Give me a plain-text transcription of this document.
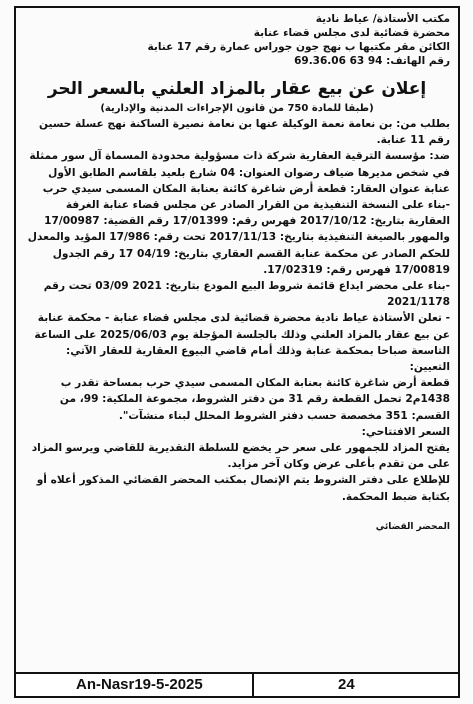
مكتب الأستاذة/ عياط نادية
محضرة قضائية لدى مجلس قضاء عنابة
الكائن مقر مكتبها ب نهج جون جوراس عمارة رقم 17 عنابة
رقم الهاتف: 94 63 69.36.06
إعلان عن بيع عقار بالمزاد العلني بالسعر الحر
(طبقا للمادة 750 من قانون الإجراءات المدنية والإدارية)
بطلب من: بن نعامة نعمة الوكيلة عنها بن نعامة نصيرة الساكنة نهج عسلة حسين رقم 11 عنابة.
ضد: مؤسسة الترقية العقارية شركة ذات مسؤولية محدودة المسماة آل سور ممثلة في شخص مديرها ضياف رضوان العنوان: 04 شارع بلعيد بلقاسم الطابق الأول عنابة عنوان العقار: قطعة أرض شاغرة كائنة بعنابة المكان المسمى سيدي حرب
-بناء على النسخة التنفيذية من القرار الصادر عن مجلس قضاء عنابة الغرفة العقارية بتاريخ: 2017/10/12 فهرس رقم: 17/01399 رقم القضية: 17/00987 والمهور بالصيغة التنفيذية بتاريخ: 2017/11/13 تحت رقم: 17/986 المؤيد والمعدل للحكم الصادر عن محكمة عنابة القسم العقاري بتاريخ: 04/19 17 رقم الجدول 17/00819 فهرس رقم: 17/02319.
-بناء على محضر ايداع قائمة شروط البيع المودع بتاريخ: 2021 03/09 تحت رقم 2021/1178
- تعلن الأستاذة عياط نادية محضرة قضائية لدى مجلس قضاء عنابة - محكمة عنابة عن بيع عقار بالمزاد العلني وذلك بالجلسة المؤجلة يوم 2025/06/03 على الساعة التاسعة صباحا بمحكمة عنابة وذلك أمام قاضي البيوع العقارية للعقار الآتي:
التعيين:
قطعة أرض شاغرة كائنة بعنابة المكان المسمى سيدي حرب بمساحة تقدر ب 1438م2 تحمل القطعة رقم 31 من دفتر الشروط، مجموعة الملكية: 99، من القسم: 351 مخصصة حسب دفتر الشروط المحلل لبناء منشآت".
السعر الافتتاحي:
يفتح المزاد للجمهور على سعر حر يخضع للسلطة التقديرية للقاضي ويرسو المزاد على من تقدم بأعلى عرض وكان آخر مزايد.
للإطلاع على دفتر الشروط يتم الإتصال بمكتب المحضر القضائي المذكور أعلاه أو بكتابة ضبط المحكمة.
المحضر القضائي
An-Nasr19-5-2025	24
